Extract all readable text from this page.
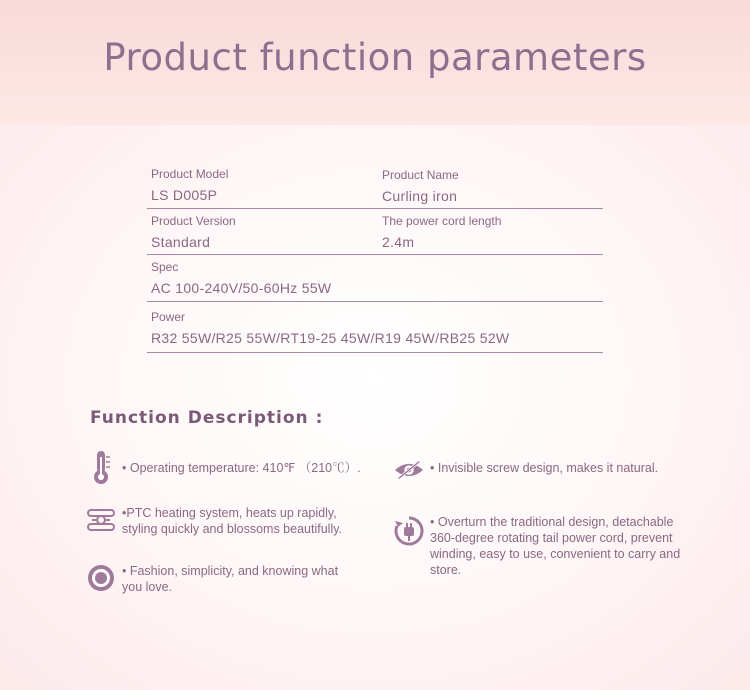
Product function parameters
Product Model
LS D005P
Product Name
Curling iron
Product Version
Standard
The power cord length
2.4m
Spec
AC 100-240V/50-60Hz 55W
Power
R32 55W/R25 55W/RT19-25 45W/R19 45W/RB25 52W
Function Description :
• Operating temperature: 410℉ （210℃）.
•PTC heating system, heats up rapidly, styling quickly and blossoms beautifully.
• Fashion, simplicity, and knowing what you love.
• Invisible screw design, makes it natural.
• Overturn the traditional design, detachable 360-degree rotating tail power cord, prevent winding, easy to use, convenient to carry and store.
